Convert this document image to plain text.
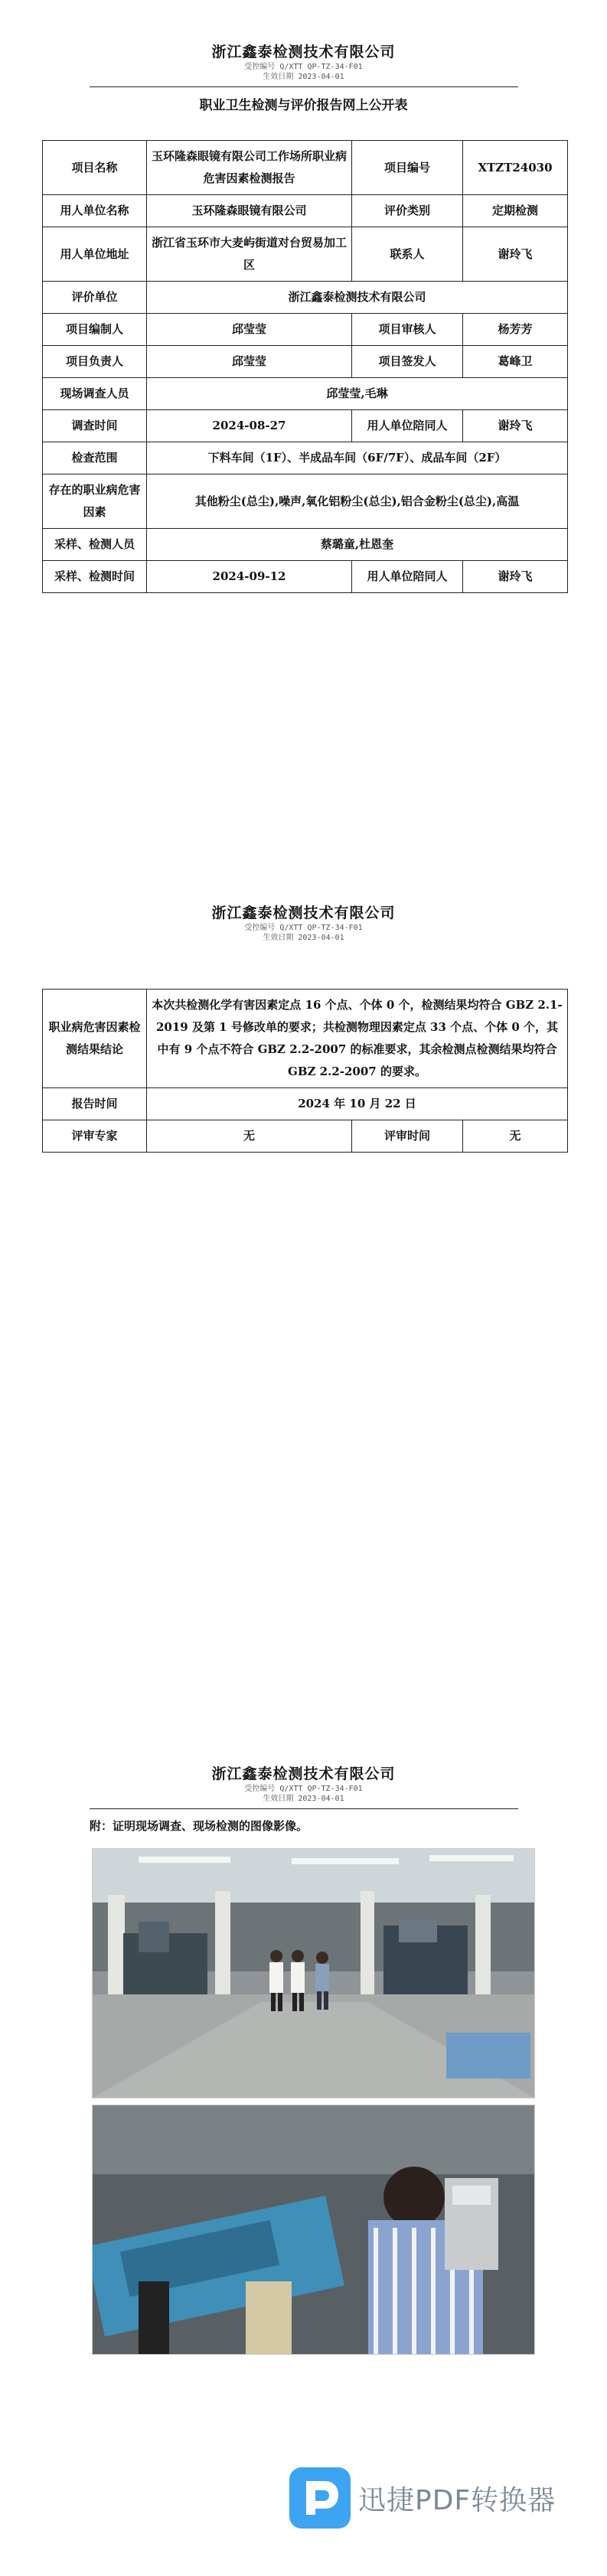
浙江鑫泰检测技术有限公司

受控编号 Q/XTT QP-TZ-34-F01

生效日期 2023-04-01

职业卫生检测与评价报告网上公开表

项目名称	玉环隆森眼镜有限公司工作场所职业病危害因素检测报告	项目编号	XTZT24030
用人单位名称	玉环隆森眼镜有限公司	评价类别	定期检测
用人单位地址	浙江省玉环市大麦屿街道对台贸易加工区	联系人	谢玲飞
评价单位	浙江鑫泰检测技术有限公司		
项目编制人	邱莹莹	项目审核人	杨芳芳
项目负责人	邱莹莹	项目签发人	葛峰卫
现场调查人员	邱莹莹,毛琳		
调查时间	2024-08-27	用人单位陪同人	谢玲飞
检查范围	下料车间（1F）、半成品车间（6F/7F）、成品车间（2F）		
存在的职业病危害因素	其他粉尘(总尘),噪声,氧化铝粉尘(总尘),铝合金粉尘(总尘),高温		
采样、检测人员	蔡璐童,杜恩奎		
采样、检测时间	2024-09-12	用人单位陪同人	谢玲飞

浙江鑫泰检测技术有限公司

受控编号 Q/XTT QP-TZ-34-F01

生效日期 2023-04-01

职业病危害因素检测结果结论	本次共检测化学有害因素定点 16 个点、个体 0 个，检测结果均符合 GBZ 2.1-2019 及第 1 号修改单的要求；共检测物理因素定点 33 个点、个体 0 个，其中有 9 个点不符合 GBZ 2.2-2007 的标准要求，其余检测点检测结果均符合 GBZ 2.2-2007 的要求。		
报告时间	2024 年 10 月 22 日		
评审专家	无	评审时间	无

浙江鑫泰检测技术有限公司

受控编号 Q/XTT QP-TZ-34-F01

生效日期 2023-04-01

附：证明现场调查、现场检测的图像影像。

迅捷PDF转换器
